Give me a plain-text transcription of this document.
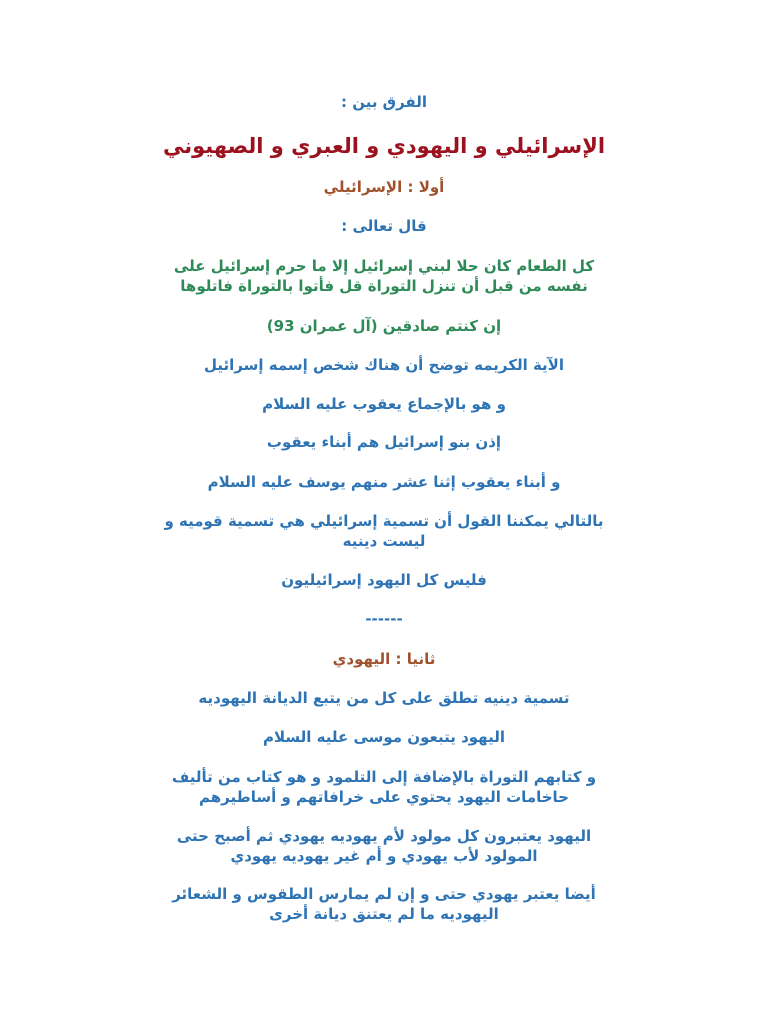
الفرق بين :
الإسرائيلي و اليهودي و العبري و الصهيوني
أولا : الإسرائيلي
قال تعالى :
كل الطعام كان حلا لبني إسرائيل إلا ما حرم إسرائيل على
نفسه من قبل أن تنزل التوراة قل فأتوا بالتوراة فاتلوها
إن كنتم صادقين (آل عمران 93)
الآية الكريمه توضح أن هناك شخص إسمه إسرائيل
و هو بالإجماع يعقوب عليه السلام
إذن بنو إسرائيل هم أبناء يعقوب
و أبناء يعقوب إثنا عشر منهم يوسف عليه السلام
بالتالي يمكننا القول أن تسمية إسرائيلي هي تسمية قوميه و
ليست دينيه
فليس كل اليهود إسرائيليون
------
ثانيا : اليهودي
تسمية دينيه تطلق على كل من يتبع الديانة اليهوديه
اليهود يتبعون موسى عليه السلام
و كتابهم التوراة بالإضافة إلى التلمود و هو كتاب من تأليف
حاخامات اليهود يحتوي على خرافاتهم و أساطيرهم
اليهود يعتبرون كل مولود لأم يهوديه يهودي ثم أصبح حتى
المولود لأب يهودي و أم غير يهوديه يهودي
أيضا يعتبر يهودي حتى و إن لم يمارس الطقوس و الشعائر
اليهوديه ما لم يعتنق ديانة أخرى
